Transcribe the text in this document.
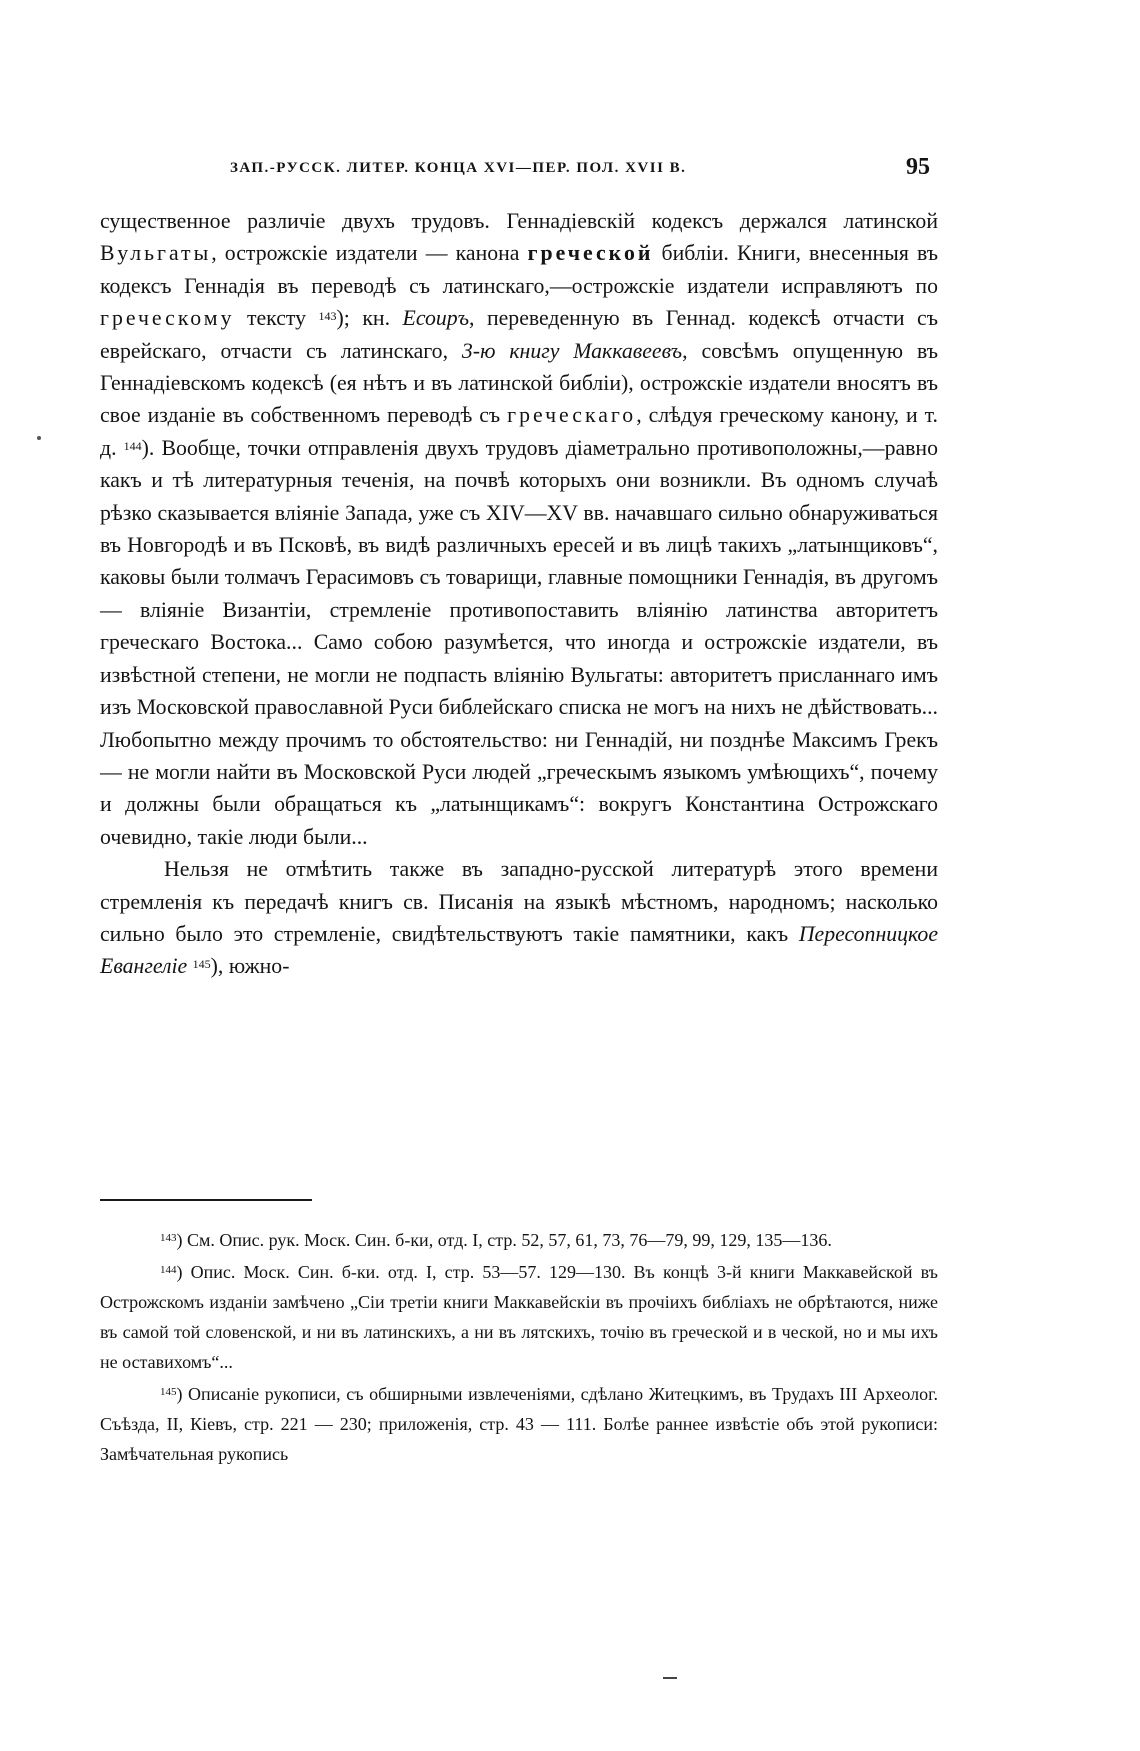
ЗАП.-РУССК. ЛИТЕР. КОНЦА XVI—ПЕР. ПОЛ. XVII В.	95

существенное различіе двухъ трудовъ. Геннадіевскій кодексъ держался латинской Вульгаты, острожскіе издатели — канона греческой библіи. Книги, внесенныя въ кодексъ Геннадія въ переводѣ съ латинскаго,—острожскіе издатели исправляютъ по греческому тексту $^{143}$); кн. Есоиръ, переведенную въ Геннад. кодексѣ отчасти съ еврейскаго, отчасти съ латинскаго, 3-ю книгу Маккавеевъ, совсѣмъ опущенную въ Геннадіевскомъ кодексѣ (ея нѣтъ и въ латинской библіи), острожскіе издатели вносятъ въ свое изданіе въ собственномъ переводѣ съ греческаго, слѣдуя греческому канону, и т. д. $^{144}$). Вообще, точки отправленія двухъ трудовъ діаметрально противоположны,—равно какъ и тѣ литературныя теченія, на почвѣ которыхъ они возникли. Въ одномъ случаѣ рѣзко сказывается вліяніе Запада, уже съ XIV—XV вв. начавшаго сильно обнаруживаться въ Новгородѣ и въ Псковѣ, въ видѣ различныхъ ересей и въ лицѣ такихъ „латынщиковъ“, каковы были толмачъ Герасимовъ съ товарищи, главные помощники Геннадія, въ другомъ — вліяніе Византіи, стремленіе противопоставить вліянію латинства авторитетъ греческаго Востока... Само собою разумѣется, что иногда и острожскіе издатели, въ извѣстной степени, не могли не подпасть вліянію Вульгаты: авторитетъ присланнаго имъ изъ Московской православной Руси библейскаго списка не могъ на нихъ не дѣйствовать... Любопытно между прочимъ то обстоятельство: ни Геннадій, ни позднѣе Максимъ Грекъ — не могли найти въ Московской Руси людей „греческымъ языкомъ умѣющихъ“, почему и должны были обращаться къ „латынщикамъ“: вокругъ Константина Острожскаго очевидно, такіе люди были...

Нельзя не отмѣтить также въ западно-русской литературѣ этого времени стремленія къ передачѣ книгъ св. Писанія на языкѣ мѣстномъ, народномъ; насколько сильно было это стремленіе, свидѣтельствуютъ такіе памятники, какъ Пересопницкое Евангеліе $^{145}$), южно-

$^{143}$) См. Опис. рук. Моск. Син. б-ки, отд. I, стр. 52, 57, 61, 73, 76—79, 99, 129, 135—136.

$^{144}$) Опис. Моск. Син. б-ки. отд. I, стр. 53—57. 129—130. Въ концѣ 3-й книги Маккавейской въ Острожскомъ изданіи замѣчено „Сіи третіи книги Маккавейскіи въ прочіихъ библіахъ не обрѣтаются, ниже въ самой той словенской, и ни въ латинскихъ, а ни въ лятскихъ, точію въ греческой и в ческой, но и мы ихъ не оставихомъ“...

$^{145}$) Описаніе рукописи, съ обширными извлеченіями, сдѣлано Житецкимъ, въ Трудахъ III Археолог. Съѣзда, II, Кіевъ, стр. 221 — 230; приложенія, стр. 43 — 111. Болѣе раннее извѣстіе объ этой рукописи: Замѣчательная рукопись
